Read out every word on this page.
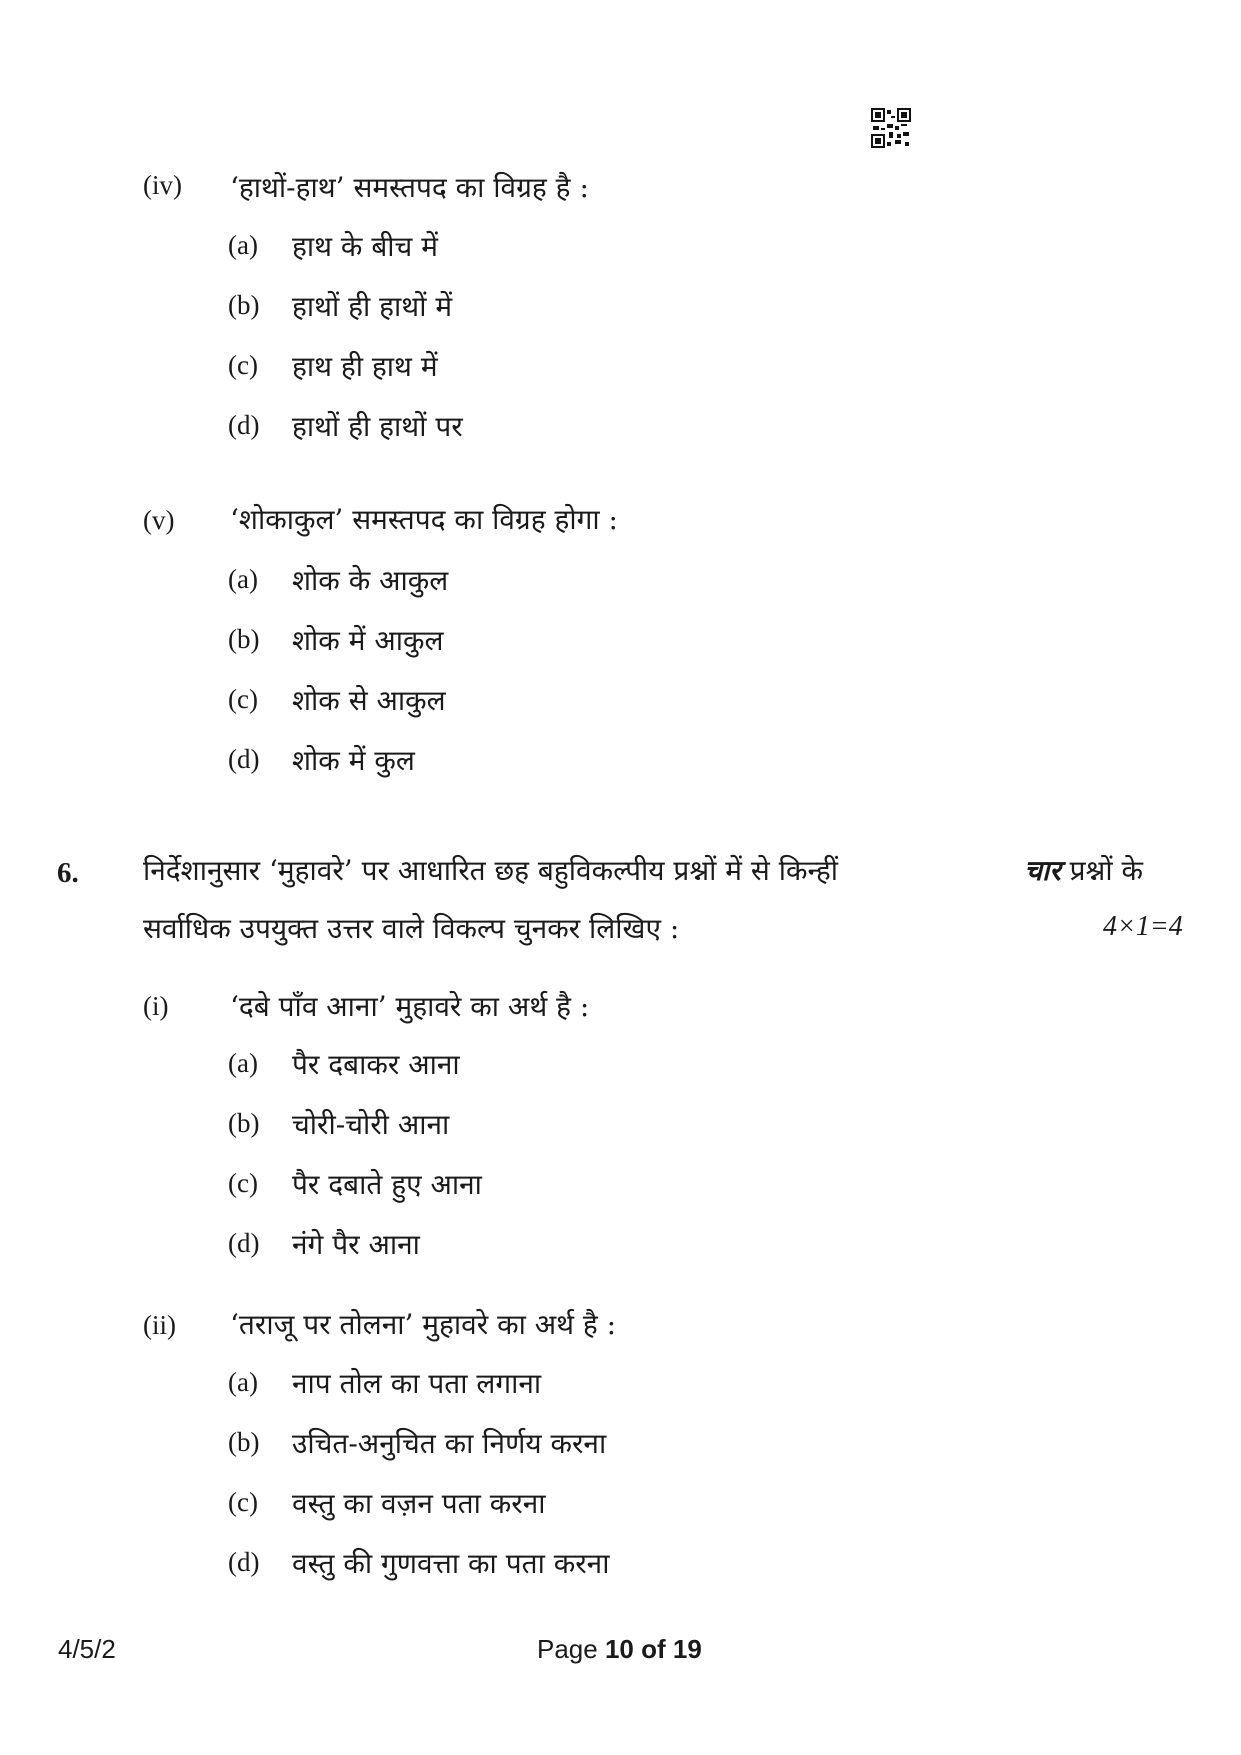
(iv) ‘हाथों-हाथ’ समस्तपद का विग्रह है :
(a) हाथ के बीच में
(b) हाथों ही हाथों में
(c) हाथ ही हाथ में
(d) हाथों ही हाथों पर
(v) ‘शोकाकुल’ समस्तपद का विग्रह होगा :
(a) शोक के आकुल
(b) शोक में आकुल
(c) शोक से आकुल
(d) शोक में कुल
6. निर्देशानुसार ‘मुहावरे’ पर आधारित छह बहुविकल्पीय प्रश्नों में से किन्हीं	चार प्रश्नों के
सर्वाधिक उपयुक्त उत्तर वाले विकल्प चुनकर लिखिए :	4×1=4
(i) ‘दबे पाँव आना’ मुहावरे का अर्थ है :
(a) पैर दबाकर आना
(b) चोरी-चोरी आना
(c) पैर दबाते हुए आना
(d) नंगे पैर आना
(ii) ‘तराजू पर तोलना’ मुहावरे का अर्थ है :
(a) नाप तोल का पता लगाना
(b) उचित-अनुचित का निर्णय करना
(c) वस्तु का वज़न पता करना
(d) वस्तु की गुणवत्ता का पता करना
4/5/2	Page 10 of 19
